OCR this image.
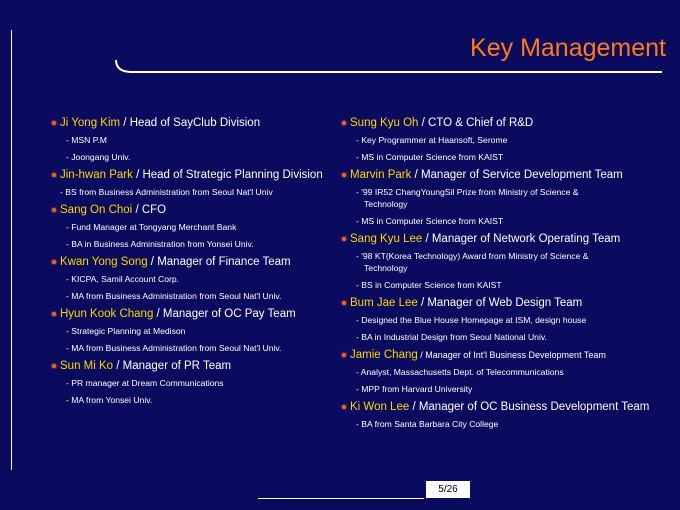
Key Management
Ji Yong Kim / Head of SayClub Division
- MSN P.M
- Joongang Univ.
Jin-hwan Park / Head of Strategic Planning Division
- BS from Business Administration from Seoul Nat'l Univ
Sang On Choi / CFO
- Fund Manager at Tongyang Merchant Bank
- BA in Business Administration from Yonsei Univ.
Kwan Yong Song / Manager of Finance Team
- KICPA, Samil Account Corp.
- MA from Business Administration from Seoul Nat'l Univ.
Hyun Kook Chang / Manager of OC Pay Team
- Strategic Planning at Medison
- MA from Business Administration from Seoul Nat'l Univ.
Sun Mi Ko / Manager of PR Team
- PR manager at Dream Communications
- MA from Yonsei Univ.
Sung Kyu Oh / CTO & Chief of R&D
- Key Programmer at Haansoft, Serome
- MS in Computer Science from KAIST
Marvin Park / Manager of Service Development Team
- '99 IR52 ChangYoungSil Prize from Ministry of Science & Technology
- MS in Computer Science from KAIST
Sang Kyu Lee / Manager of Network Operating Team
- '98 KT(Korea Technology) Award from Ministry of Science & Technology
- BS in Computer Science from KAIST
Bum Jae Lee / Manager of Web Design Team
- Designed the Blue House Homepage at ISM, design house
- BA in Industrial Design from Seoul National Univ.
Jamie Chang / Manager of Int'l Business Development Team
- Analyst, Massachusetts Dept. of Telecommunications
- MPP from Harvard University
Ki Won Lee / Manager of OC Business Development Team
- BA from Santa Barbara City College
5/26
